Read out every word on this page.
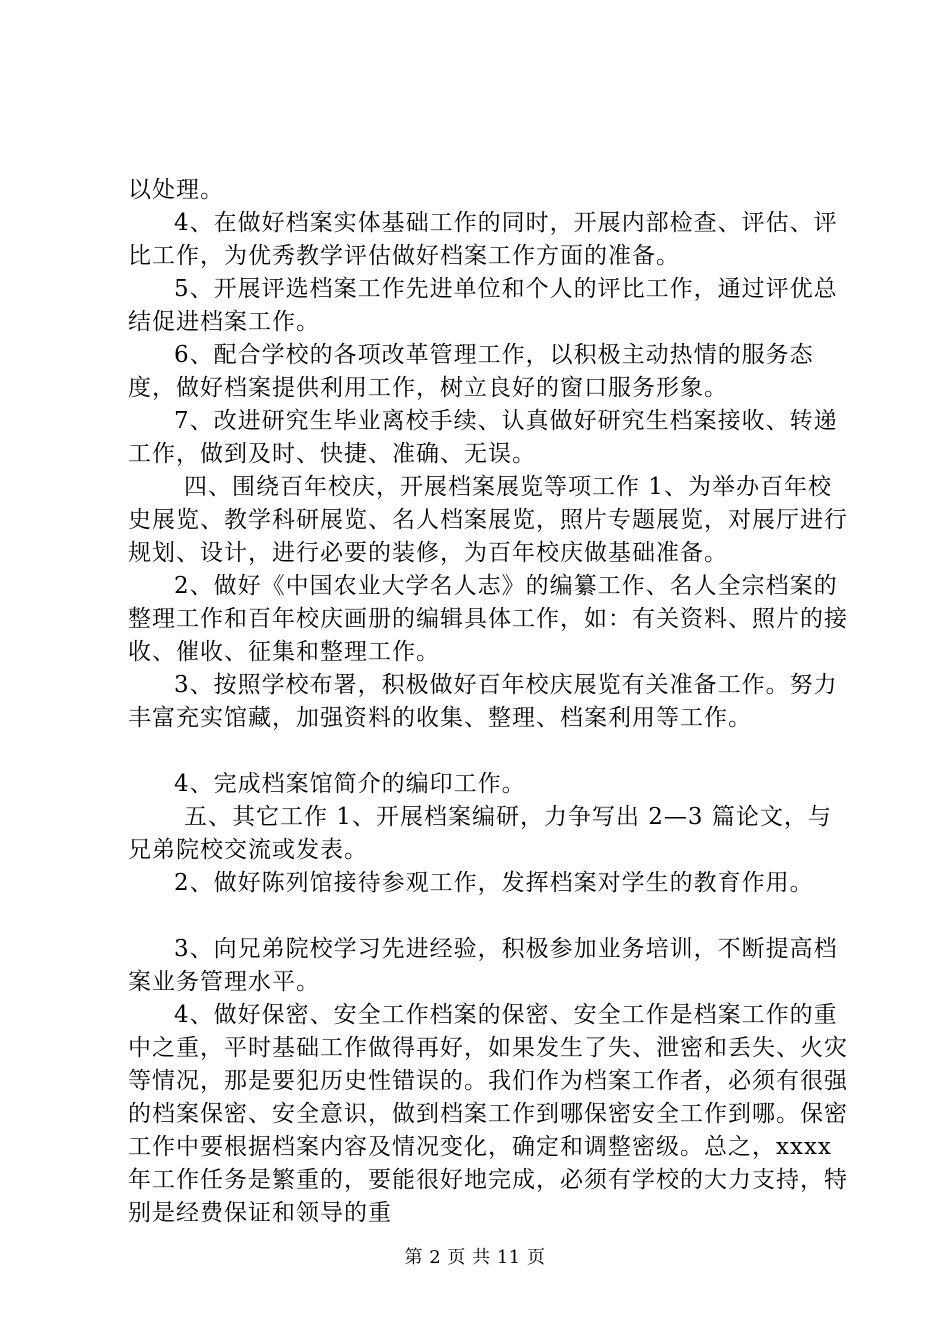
以处理。

4、在做好档案实体基础工作的同时，开展内部检查、评估、评比工作，为优秀教学评估做好档案工作方面的准备。

5、开展评选档案工作先进单位和个人的评比工作，通过评优总结促进档案工作。

6、配合学校的各项改革管理工作，以积极主动热情的服务态度，做好档案提供利用工作，树立良好的窗口服务形象。

7、改进研究生毕业离校手续、认真做好研究生档案接收、转递工作，做到及时、快捷、准确、无误。

四、围绕百年校庆，开展档案展览等项工作 1、为举办百年校史展览、教学科研展览、名人档案展览，照片专题展览，对展厅进行规划、设计，进行必要的装修，为百年校庆做基础准备。

2、做好《中国农业大学名人志》的编纂工作、名人全宗档案的整理工作和百年校庆画册的编辑具体工作，如：有关资料、照片的接收、催收、征集和整理工作。

3、按照学校布署，积极做好百年校庆展览有关准备工作。努力丰富充实馆藏，加强资料的收集、整理、档案利用等工作。

4、完成档案馆简介的编印工作。

五、其它工作 1、开展档案编研，力争写出 2—3 篇论文，与兄弟院校交流或发表。

2、做好陈列馆接待参观工作，发挥档案对学生的教育作用。

3、向兄弟院校学习先进经验，积极参加业务培训，不断提高档案业务管理水平。

4、做好保密、安全工作档案的保密、安全工作是档案工作的重中之重，平时基础工作做得再好，如果发生了失、泄密和丢失、火灾等情况，那是要犯历史性错误的。我们作为档案工作者，必须有很强的档案保密、安全意识，做到档案工作到哪保密安全工作到哪。保密工作中要根据档案内容及情况变化，确定和调整密级。总之，xxxx 年工作任务是繁重的，要能很好地完成，必须有学校的大力支持，特别是经费保证和领导的重

第 2 页 共 11 页
